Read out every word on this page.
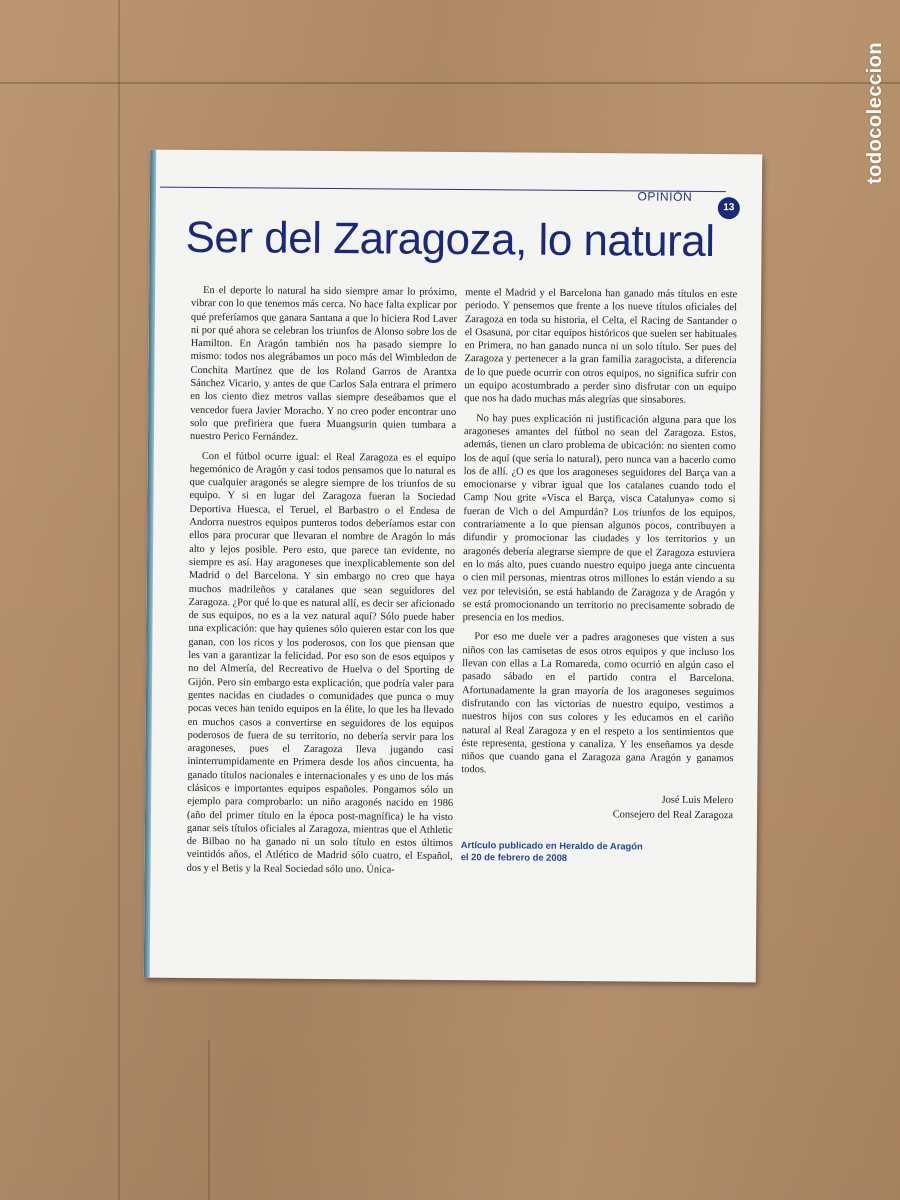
todocoleccion
OPINIÓN
13
Ser del Zaragoza, lo natural

En el deporte lo natural ha sido siempre amar lo próximo, vibrar con lo que tenemos más cerca. No hace falta explicar por qué preferíamos que ganara Santana a que lo hiciera Rod Laver ni por qué ahora se celebran los triunfos de Alonso sobre los de Hamilton. En Aragón también nos ha pasado siempre lo mismo: todos nos alegrábamos un poco más del Wimbledon de Conchita Martínez que de los Roland Garros de Arantxa Sánchez Vicario, y antes de que Carlos Sala entrara el primero en los ciento diez metros vallas siempre deseábamos que el vencedor fuera Javier Moracho. Y no creo poder encontrar uno solo que prefiriera que fuera Muangsurin quien tumbara a nuestro Perico Fernández.

Con el fútbol ocurre igual: el Real Zaragoza es el equipo hegemónico de Aragón y casi todos pensamos que lo natural es que cualquier aragonés se alegre siempre de los triunfos de su equipo. Y si en lugar del Zaragoza fueran la Sociedad Deportiva Huesca, el Teruel, el Barbastro o el Endesa de Andorra nuestros equipos punteros todos deberíamos estar con ellos para procurar que llevaran el nombre de Aragón lo más alto y lejos posible. Pero esto, que parece tan evidente, no siempre es así. Hay aragoneses que inexplicablemente son del Madrid o del Barcelona. Y sin embargo no creo que haya muchos madrileños y catalanes que sean seguidores del Zaragoza. ¿Por qué lo que es natural allí, es decir ser aficionado de sus equipos, no es a la vez natural aquí? Sólo puede haber una explicación: que hay quienes sólo quieren estar con los que ganan, con los ricos y los poderosos, con los que piensan que les van a garantizar la felicidad. Por eso son de esos equipos y no del Almería, del Recreativo de Huelva o del Sporting de Gijón. Pero sin embargo esta explicación, que podría valer para gentes nacidas en ciudades o comunidades que punca o muy pocas veces han tenido equipos en la élite, lo que les ha llevado en muchos casos a convertirse en seguidores de los equipos poderosos de fuera de su territorio, no debería servir para los aragoneses, pues el Zaragoza lleva jugando casi ininterrumpidamente en Primera desde los años cincuenta, ha ganado títulos nacionales e internacionales y es uno de los más clásicos e importantes equipos españoles. Pongamos sólo un ejemplo para comprobarlo: un niño aragonés nacido en 1986 (año del primer título en la época post-magnífica) le ha visto ganar seis títulos oficiales al Zaragoza, mientras que el Athletic de Bilbao no ha ganado ni un solo título en estos últimos veintidós años, el Atlético de Madrid sólo cuatro, el Español, dos y el Betis y la Real Sociedad sólo uno. Única-

mente el Madrid y el Barcelona han ganado más títulos en este periodo. Y pensemos que frente a los nueve títulos oficiales del Zaragoza en toda su historia, el Celta, el Racing de Santander o el Osasuna, por citar equipos históricos que suelen ser habituales en Primera, no han ganado nunca ni un solo título. Ser pues del Zaragoza y pertenecer a la gran familia zaragocista, a diferencia de lo que puede ocurrir con otros equipos, no significa sufrir con un equipo acostumbrado a perder sino disfrutar con un equipo que nos ha dado muchas más alegrías que sinsabores.

No hay pues explicación ni justificación alguna para que los aragoneses amantes del fútbol no sean del Zaragoza. Estos, además, tienen un claro problema de ubicación: no sienten como los de aquí (que sería lo natural), pero nunca van a hacerlo como los de allí. ¿O es que los aragoneses seguidores del Barça van a emocionarse y vibrar igual que los catalanes cuando todo el Camp Nou grite «Visca el Barça, visca Catalunya» como si fueran de Vich o del Ampurdán? Los triunfos de los equipos, contrariamente a lo que piensan algunos pocos, contribuyen a difundir y promocionar las ciudades y los territorios y un aragonés debería alegrarse siempre de que el Zaragoza estuviera en lo más alto, pues cuando nuestro equipo juega ante cincuenta o cien mil personas, mientras otros millones lo están viendo a su vez por televisión, se está hablando de Zaragoza y de Aragón y se está promocionando un territorio no precisamente sobrado de presencia en los medios.

Por eso me duele ver a padres aragoneses que visten a sus niños con las camisetas de esos otros equipos y que incluso los llevan con ellas a La Romareda, como ocurrió en algún caso el pasado sábado en el partido contra el Barcelona. Afortunadamente la gran mayoría de los aragoneses seguimos disfrutando con las victorias de nuestro equipo, vestimos a nuestros hijos con sus colores y les educamos en el cariño natural al Real Zaragoza y en el respeto a los sentimientos que éste representa, gestiona y canaliza. Y les enseñamos ya desde niños que cuando gana el Zaragoza gana Aragón y ganamos todos.

José Luis Melero
Consejero del Real Zaragoza
Artículo publicado en Heraldo de Aragón
el 20 de febrero de 2008
